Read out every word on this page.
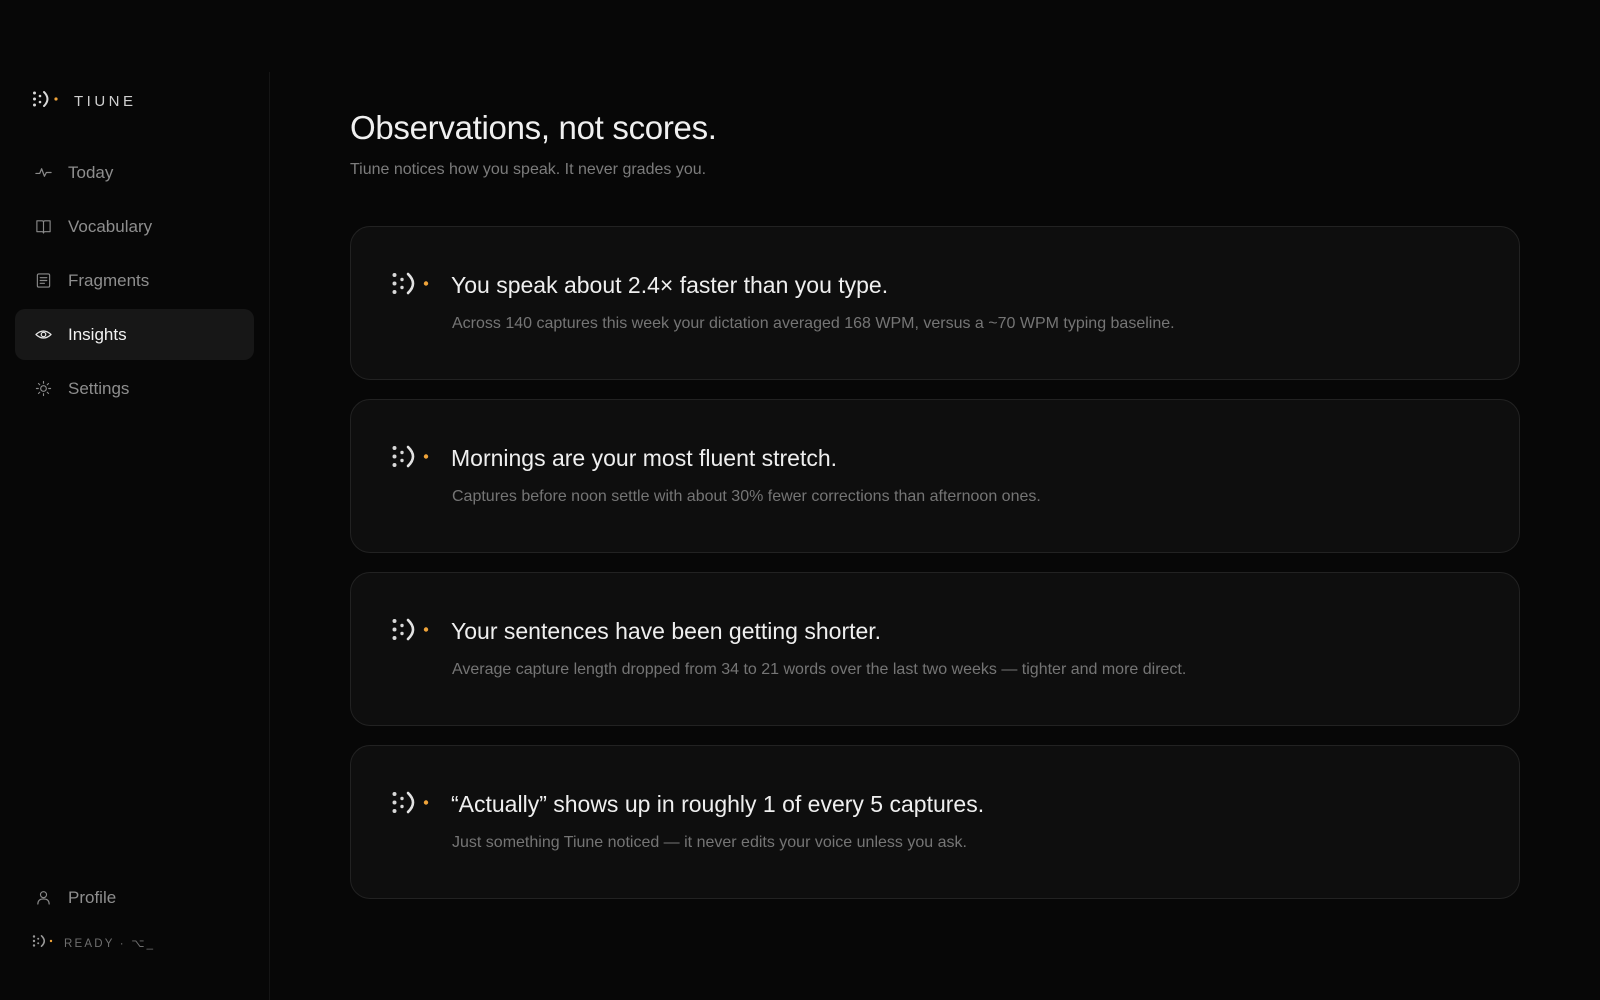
TIUNE
Today
Vocabulary
Fragments
Insights
Settings
Profile
READY · ⌥_
Observations, not scores.

Tiune notices how you speak. It never grades you.

You speak about 2.4× faster than you type.

Across 140 captures this week your dictation averaged 168 WPM, versus a ~70 WPM typing baseline.

Mornings are your most fluent stretch.

Captures before noon settle with about 30% fewer corrections than afternoon ones.

Your sentences have been getting shorter.

Average capture length dropped from 34 to 21 words over the last two weeks — tighter and more direct.

“Actually” shows up in roughly 1 of every 5 captures.

Just something Tiune noticed — it never edits your voice unless you ask.
